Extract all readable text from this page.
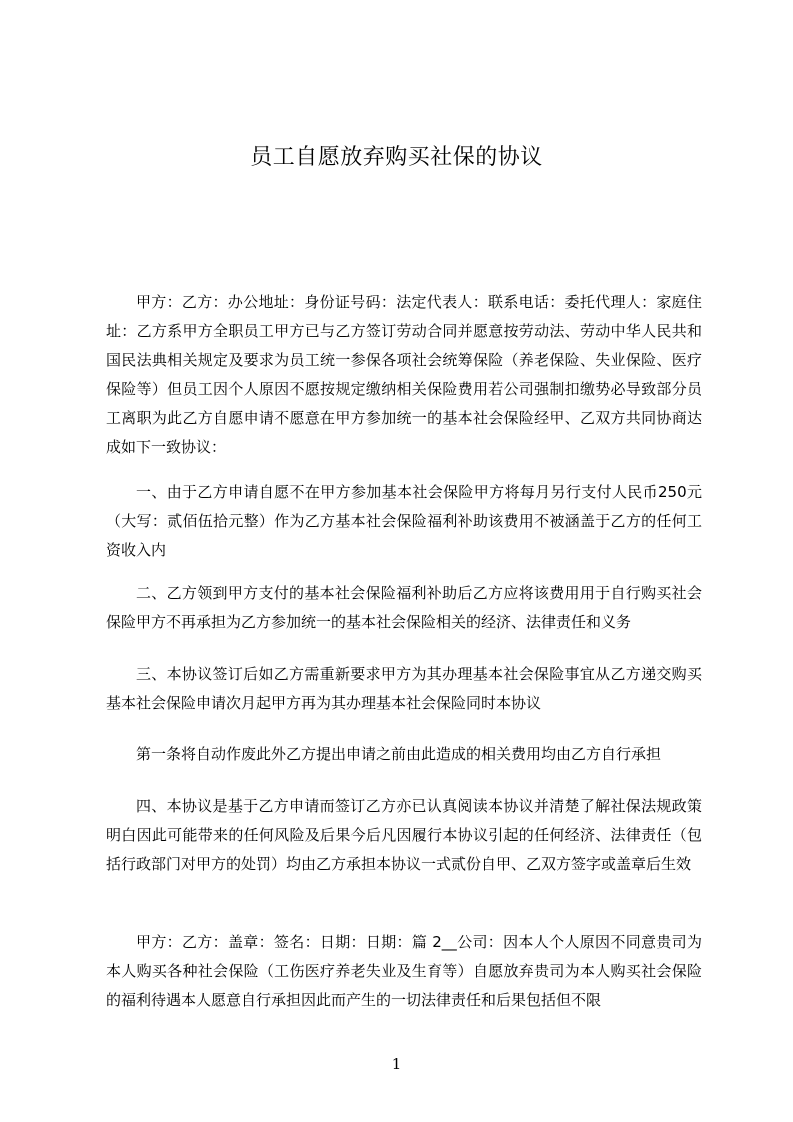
员工自愿放弃购买社保的协议

甲方：乙方：办公地址：身份证号码：法定代表人：联系电话：委托代理人：家庭住址：乙方系甲方全职员工甲方已与乙方签订劳动合同并愿意按劳动法、劳动中华人民共和国民法典相关规定及要求为员工统一参保各项社会统筹保险（养老保险、失业保险、医疗保险等）但员工因个人原因不愿按规定缴纳相关保险费用若公司强制扣缴势必导致部分员工离职为此乙方自愿申请不愿意在甲方参加统一的基本社会保险经甲、乙双方共同协商达成如下一致协议：

一、由于乙方申请自愿不在甲方参加基本社会保险甲方将每月另行支付人民币250元（大写：贰佰伍拾元整）作为乙方基本社会保险福利补助该费用不被涵盖于乙方的任何工资收入内

二、乙方领到甲方支付的基本社会保险福利补助后乙方应将该费用用于自行购买社会保险甲方不再承担为乙方参加统一的基本社会保险相关的经济、法律责任和义务

三、本协议签订后如乙方需重新要求甲方为其办理基本社会保险事宜从乙方递交购买基本社会保险申请次月起甲方再为其办理基本社会保险同时本协议

第一条将自动作废此外乙方提出申请之前由此造成的相关费用均由乙方自行承担

四、本协议是基于乙方申请而签订乙方亦已认真阅读本协议并清楚了解社保法规政策明白因此可能带来的任何风险及后果今后凡因履行本协议引起的任何经济、法律责任（包括行政部门对甲方的处罚）均由乙方承担本协议一式贰份自甲、乙双方签字或盖章后生效

甲方：乙方：盖章：签名：日期：日期：篇 2__公司：因本人个人原因不同意贵司为本人购买各种社会保险（工伤医疗养老失业及生育等）自愿放弃贵司为本人购买社会保险的福利待遇本人愿意自行承担因此而产生的一切法律责任和后果包括但不限

1
